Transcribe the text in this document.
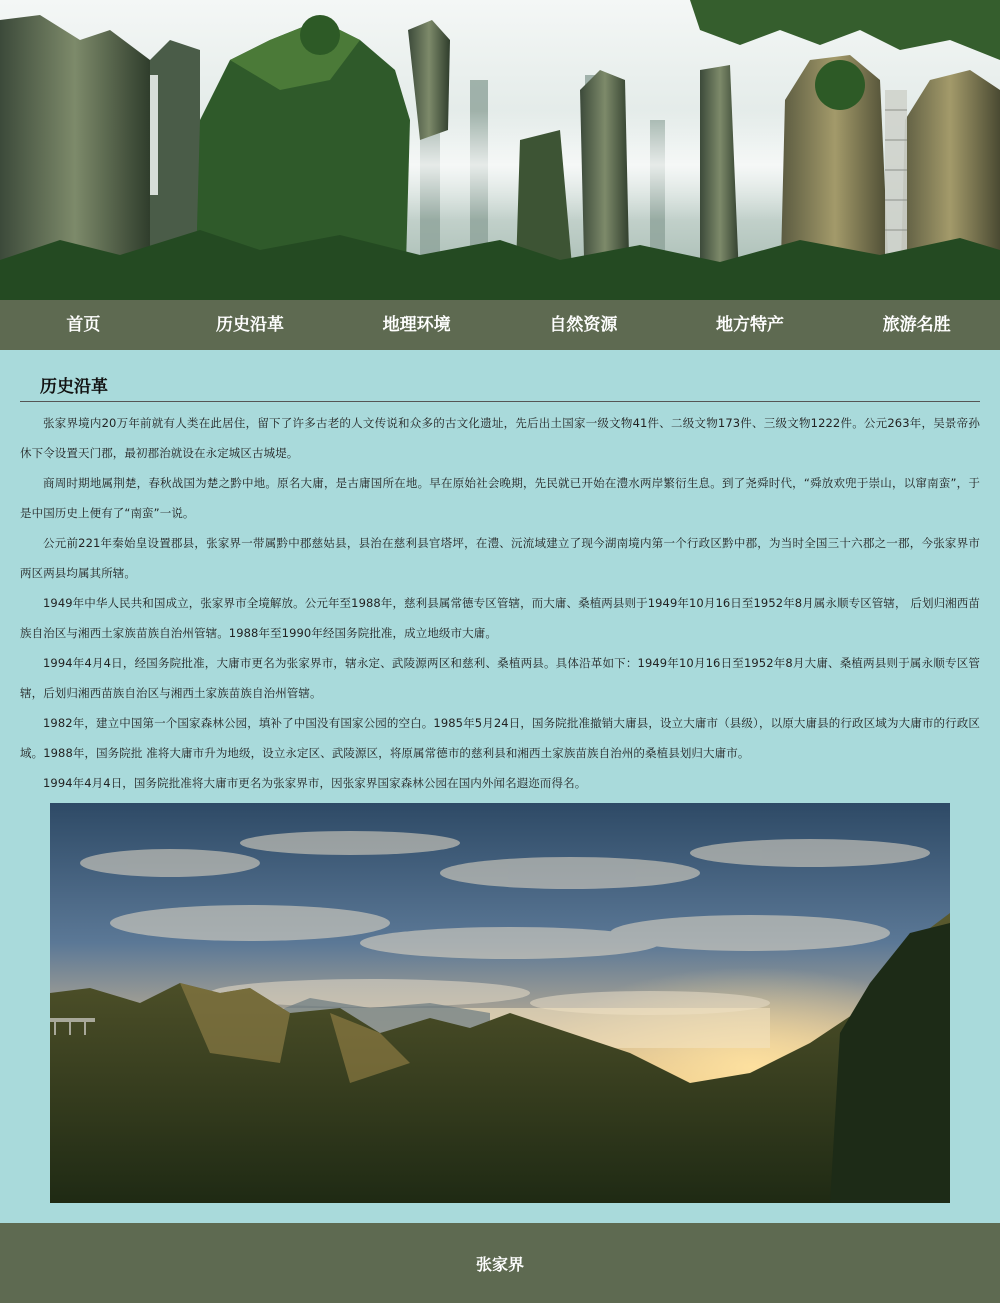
首页	历史沿革	地理环境	自然资源	地方特产	旅游名胜
历史沿革

张家界境内20万年前就有人类在此居住，留下了许多古老的人文传说和众多的古文化遗址，先后出土国家一级文物41件、二级文物173件、三级文物1222件。公元263年，吴景帝孙休下令设置天门郡，最初郡治就设在永定城区古城堤。

商周时期地属荆楚，春秋战国为楚之黔中地。原名大庸，是古庸国所在地。早在原始社会晚期，先民就已开始在澧水两岸繁衍生息。到了尧舜时代，“舜放欢兜于崇山，以窜南蛮”，于是中国历史上便有了“南蛮”一说。

公元前221年秦始皇设置郡县，张家界一带属黔中郡慈姑县，县治在慈利县官塔坪，在澧、沅流域建立了现今湖南境内第一个行政区黔中郡，为当时全国三十六郡之一郡，今张家界市两区两县均属其所辖。

1949年中华人民共和国成立，张家界市全境解放。公元年至1988年，慈利县属常德专区管辖，而大庸、桑植两县则于1949年10月16日至1952年8月属永顺专区管辖， 后划归湘西苗族自治区与湘西土家族苗族自治州管辖。1988年至1990年经国务院批准，成立地级市大庸。

1994年4月4日，经国务院批准，大庸市更名为张家界市，辖永定、武陵源两区和慈利、桑植两县。具体沿革如下：1949年10月16日至1952年8月大庸、桑植两县则于属永顺专区管辖，后划归湘西苗族自治区与湘西土家族苗族自治州管辖。

1982年，建立中国第一个国家森林公园，填补了中国没有国家公园的空白。1985年5月24日，国务院批准撤销大庸县，设立大庸市（县级），以原大庸县的行政区域为大庸市的行政区域。1988年，国务院批 准将大庸市升为地级，设立永定区、武陵源区，将原属常德市的慈利县和湘西土家族苗族自治州的桑植县划归大庸市。

1994年4月4日，国务院批准将大庸市更名为张家界市，因张家界国家森林公园在国内外闻名遐迩而得名。

张家界
